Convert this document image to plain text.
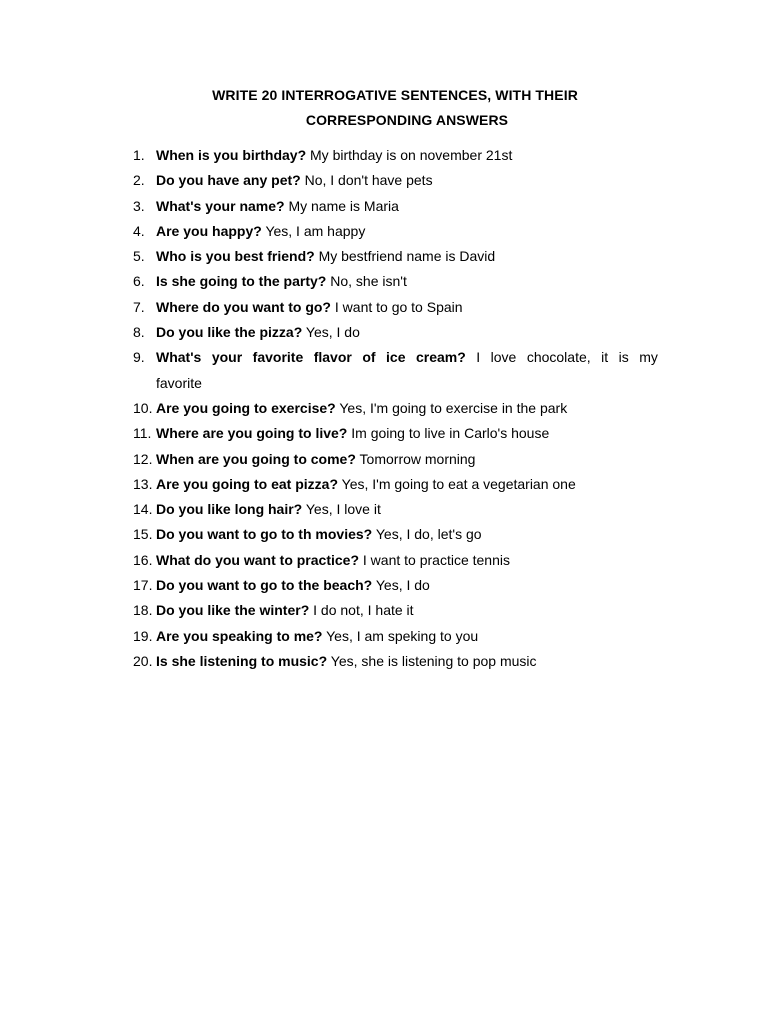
WRITE 20 INTERROGATIVE SENTENCES, WITH THEIR
CORRESPONDING ANSWERS
1. When is you birthday? My birthday is on november 21st
2. Do you have any pet? No, I don't have pets
3. What's your name? My name is Maria
4. Are you happy? Yes, I am happy
5. Who is you best friend? My bestfriend name is David
6. Is she going to the party? No, she isn't
7. Where do you want to go? I want to go to Spain
8. Do you like the pizza? Yes, I do
9. What's your favorite flavor of ice cream? I love chocolate, it is my
favorite
10. Are you going to exercise? Yes, I'm going to exercise in the park
11. Where are you going to live? Im going to live in Carlo's house
12. When are you going to come? Tomorrow morning
13. Are you going to eat pizza? Yes, I'm going to eat a vegetarian one
14. Do you like long hair? Yes, I love it
15. Do you want to go to th movies? Yes, I do, let's go
16. What do you want to practice? I want to practice tennis
17. Do you want to go to the beach? Yes, I do
18. Do you like the winter? I do not, I hate it
19. Are you speaking to me? Yes, I am speking to you
20. Is she listening to music? Yes, she is listening to pop music
